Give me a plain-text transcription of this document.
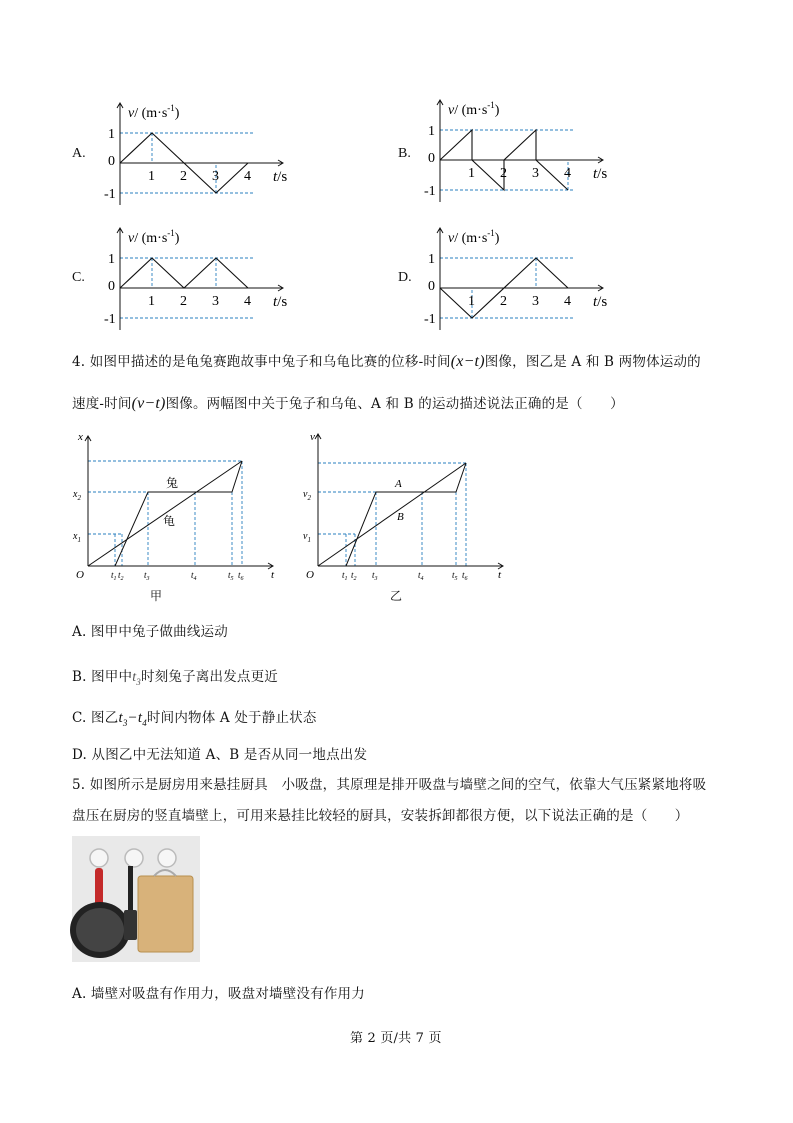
A.
v/ $(m\cdot s^{-1})$
t/s
1 2 3 4
1
0
-1
B.
v/ $(m\cdot s^{-1})$
t/s
1 2 3 4
1
0
-1
C.
v/ $(m\cdot s^{-1})$
t/s
1 2 3 4
1
0
-1
D.
v/ $(m\cdot s^{-1})$
t/s
1 2 3 4
1
0
-1
4. 如图甲描述的是龟兔赛跑故事中兔子和乌龟比赛的位移-时间(x−t)图像，图乙是 A 和 B 两物体运动的
速度-时间(v−t)图像。两幅图中关于兔子和乌龟、A 和 B 的运动描述说法正确的是（　　）
x
t
O
$x_2$
$x_1$
兔
龟
$t_1$ $t_2$ $t_3$	$t_4$	$t_5$ $t_6$
甲
v
t
O
$v_2$
$v_1$
A
B
$t_1$ $t_2$ $t_3$	$t_4$	$t_5$ $t_6$
乙
A. 图甲中兔子做曲线运动
B. 图甲中$t_3$时刻兔子离出发点更近
C. 图乙$t_3-t_4$时间内物体 A 处于静止状态
D. 从图乙中无法知道 A、B 是否从同一地点出发
5. 如图所示是厨房用来悬挂厨具　小吸盘，其原理是排开吸盘与墙壁之间的空气，依靠大气压紧紧地将吸
盘压在厨房的竖直墙壁上，可用来悬挂比较轻的厨具，安装拆卸都很方便，以下说法正确的是（　　）
A. 墙壁对吸盘有作用力，吸盘对墙壁没有作用力
第 2 页/共 7 页
